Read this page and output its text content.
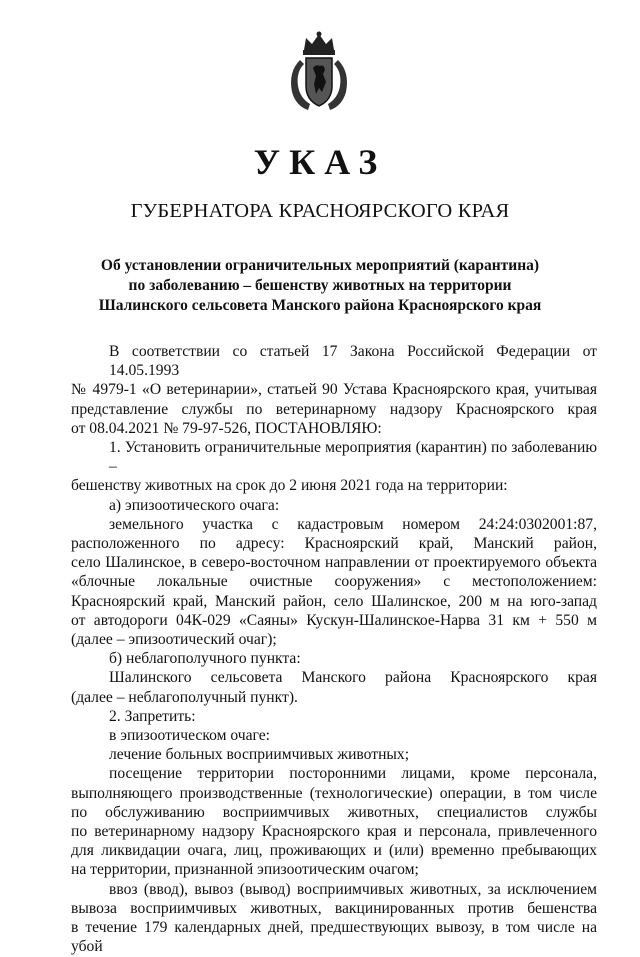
УКАЗ
ГУБЕРНАТОРА КРАСНОЯРСКОГО КРАЯ
Об установлении ограничительных мероприятий (карантина)
по заболеванию – бешенству животных на территории
Шалинского сельсовета Манского района Красноярского края
В соответствии со статьей 17 Закона Российской Федерации от 14.05.1993
№ 4979-1 «О ветеринарии», статьей 90 Устава Красноярского края, учитывая
представление службы по ветеринарному надзору Красноярского края
от 08.04.2021 № 79-97-526, ПОСТАНОВЛЯЮ:
1. Установить ограничительные мероприятия (карантин) по заболеванию –
бешенству животных на срок до 2 июня 2021 года на территории:
а) эпизоотического очага:
земельного участка с кадастровым номером 24:24:0302001:87,
расположенного по адресу: Красноярский край, Манский район,
село Шалинское, в северо-восточном направлении от проектируемого объекта
«блочные локальные очистные сооружения» с местоположением:
Красноярский край, Манский район, село Шалинское, 200 м на юго-запад
от автодороги 04К-029 «Саяны» Кускун-Шалинское-Нарва 31 км + 550 м
(далее – эпизоотический очаг);
б) неблагополучного пункта:
Шалинского сельсовета Манского района Красноярского края
(далее – неблагополучный пункт).
2. Запретить:
в эпизоотическом очаге:
лечение больных восприимчивых животных;
посещение территории посторонними лицами, кроме персонала,
выполняющего производственные (технологические) операции, в том числе
по обслуживанию восприимчивых животных, специалистов службы
по ветеринарному надзору Красноярского края и персонала, привлеченного
для ликвидации очага, лиц, проживающих и (или) временно пребывающих
на территории, признанной эпизоотическим очагом;
ввоз (ввод), вывоз (вывод) восприимчивых животных, за исключением
вывоза восприимчивых животных, вакцинированных против бешенства
в течение 179 календарных дней, предшествующих вывозу, в том числе на убой
